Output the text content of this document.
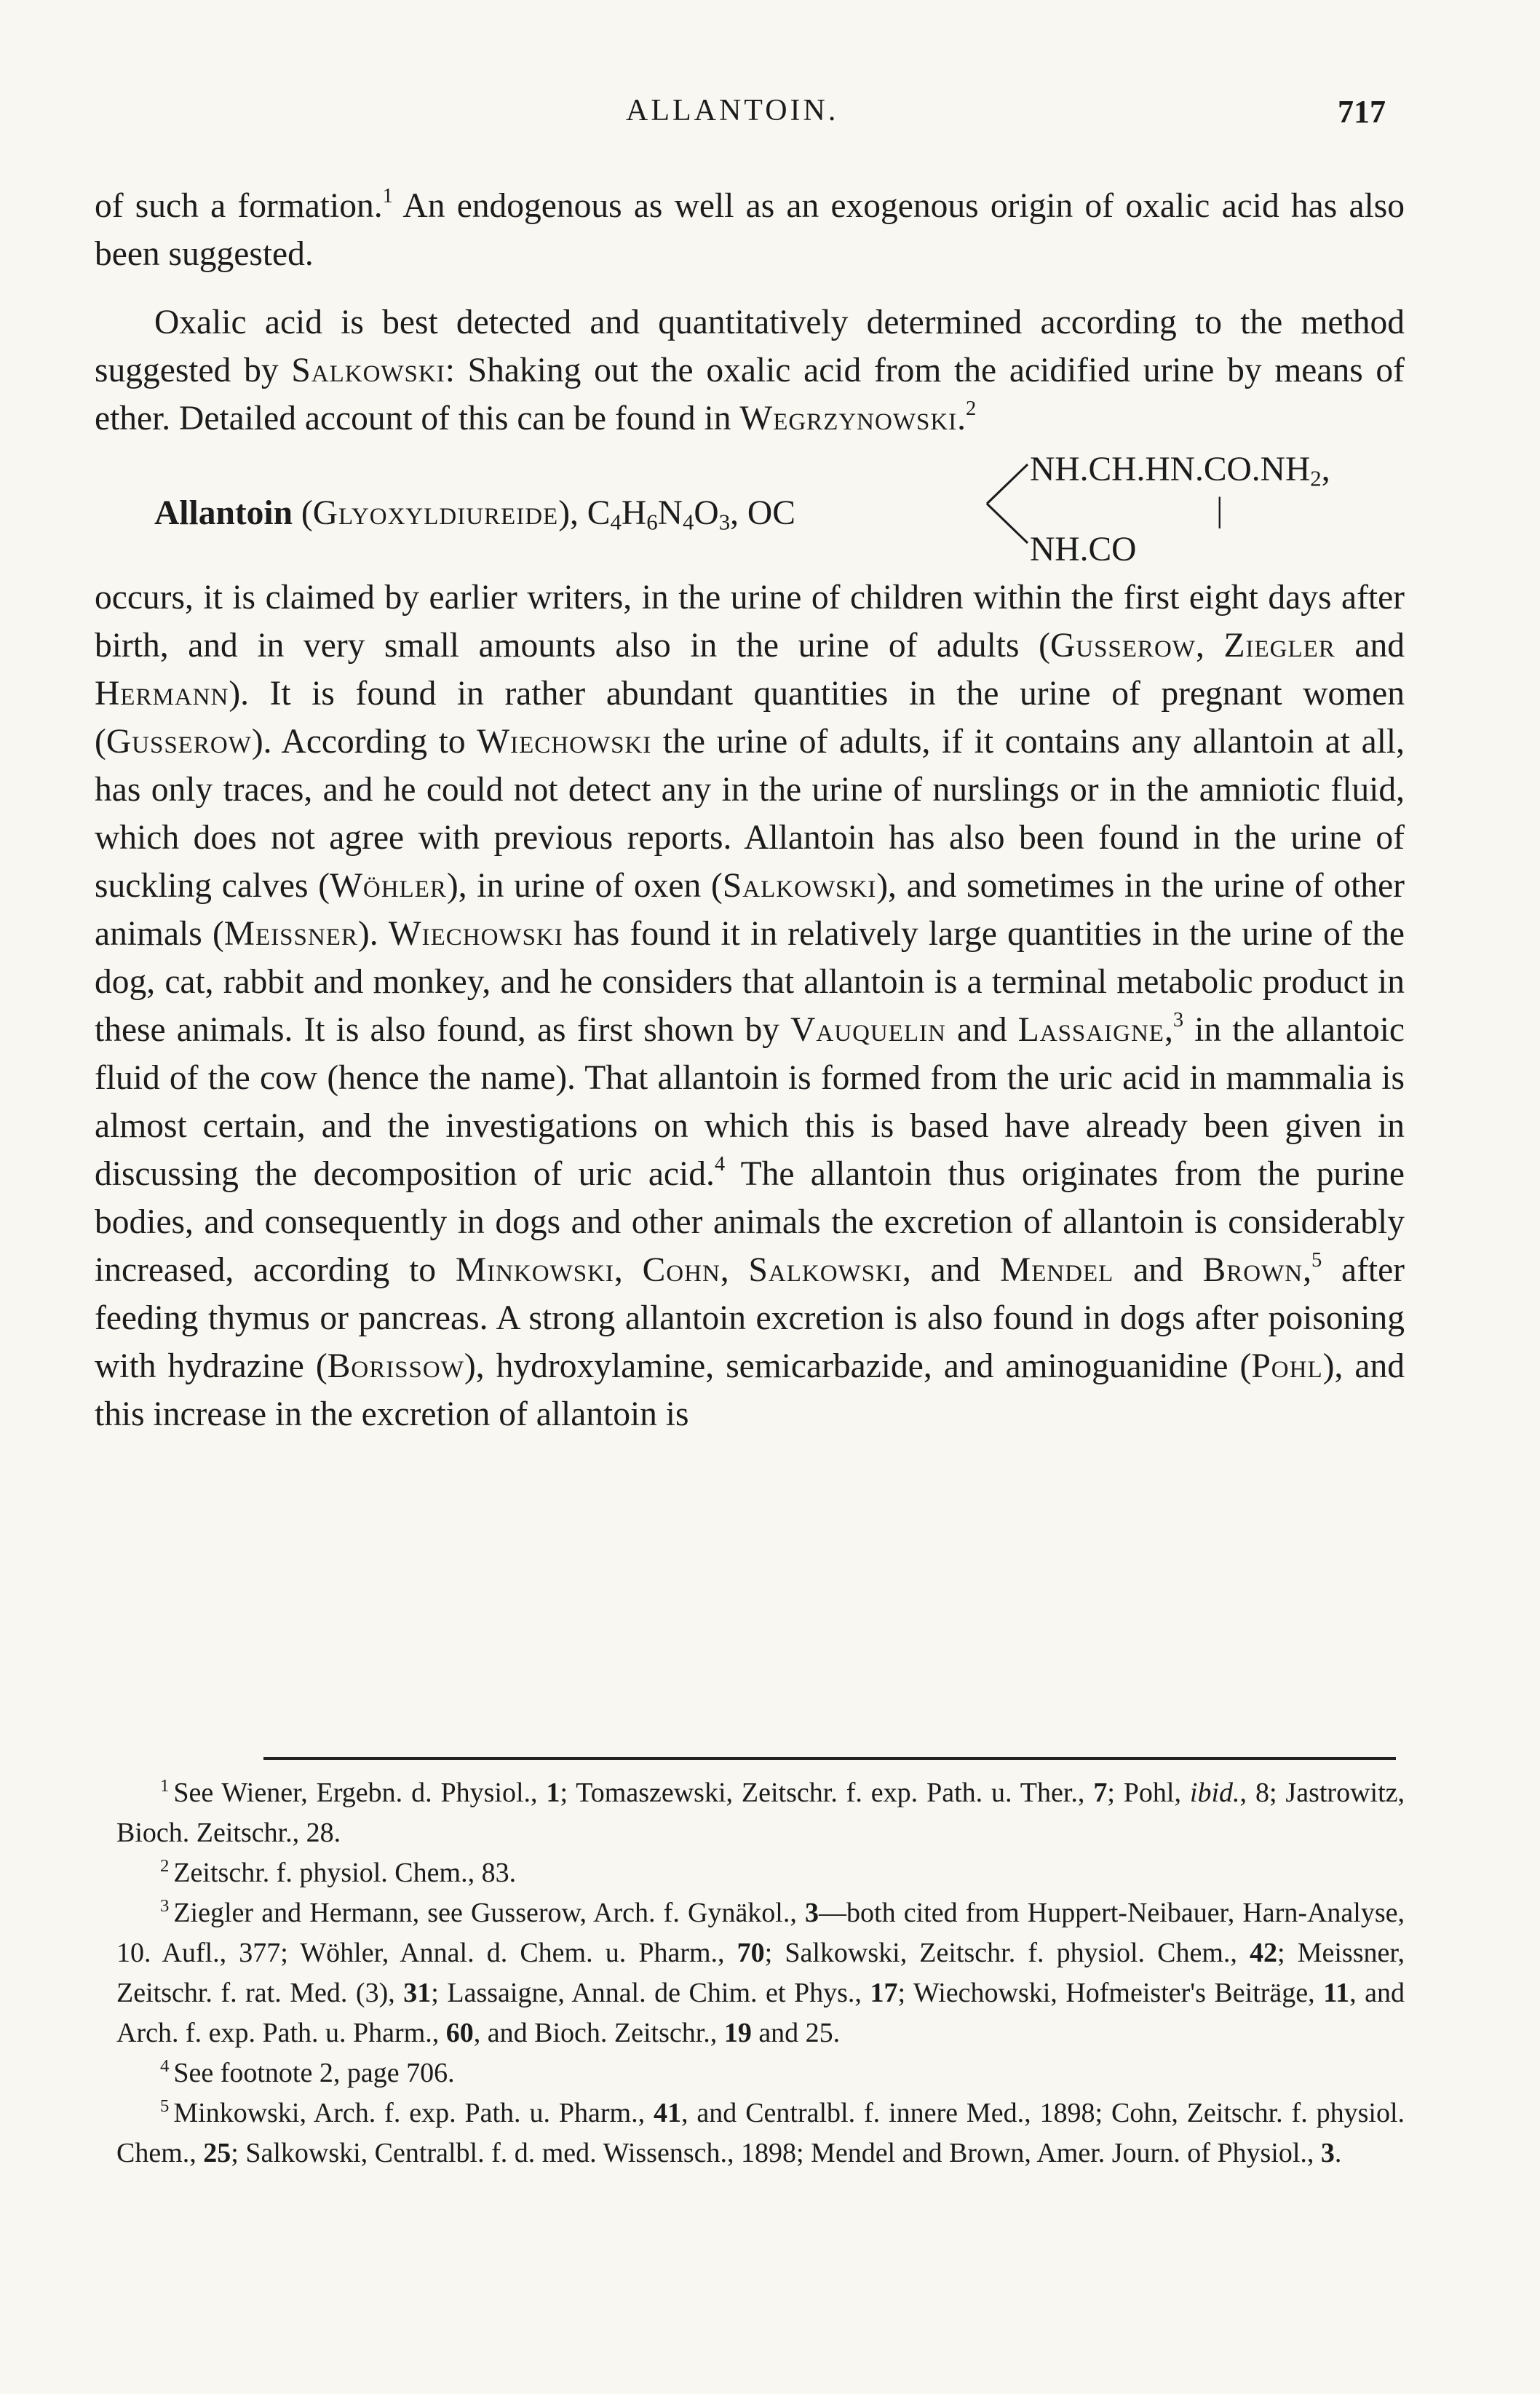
ALLANTOIN.	717

of such a formation.$^1$ An endogenous as well as an exogenous origin of oxalic acid has also been suggested.

Oxalic acid is best detected and quantitatively determined according to the method suggested by Salkowski: Shaking out the oxalic acid from the acidified urine by means of ether. Detailed account of this can be found in Wegrzynowski.$^2$

Allantoin (Glyoxyldiureide), $C_4H_6N_4O_3$, OC
$NH.CH.HN.CO.NH_2$,
|
NH.CO

occurs, it is claimed by earlier writers, in the urine of children within the first eight days after birth, and in very small amounts also in the urine of adults (Gusserow, Ziegler and Hermann). It is found in rather abundant quantities in the urine of pregnant women (Gusserow). According to Wiechowski the urine of adults, if it contains any allantoin at all, has only traces, and he could not detect any in the urine of nurslings or in the amniotic fluid, which does not agree with previous reports. Allantoin has also been found in the urine of suckling calves (Wöhler), in urine of oxen (Salkowski), and sometimes in the urine of other animals (Meissner). Wiechowski has found it in relatively large quantities in the urine of the dog, cat, rabbit and monkey, and he considers that allantoin is a terminal metabolic product in these animals. It is also found, as first shown by Vauquelin and Lassaigne,$^3$ in the allantoic fluid of the cow (hence the name). That allantoin is formed from the uric acid in mammalia is almost certain, and the investigations on which this is based have already been given in discussing the decomposition of uric acid.$^4$ The allantoin thus originates from the purine bodies, and consequently in dogs and other animals the excretion of allantoin is considerably increased, according to Minkowski, Cohn, Salkowski, and Mendel and Brown,$^5$ after feeding thymus or pancreas. A strong allantoin excretion is also found in dogs after poisoning with hydrazine (Borissow), hydroxylamine, semicarbazide, and aminoguanidine (Pohl), and this increase in the excretion of allantoin is

$^1$ See Wiener, Ergebn. d. Physiol., 1; Tomaszewski, Zeitschr. f. exp. Path. u. Ther., 7; Pohl, ibid., 8; Jastrowitz, Bioch. Zeitschr., 28.

$^2$ Zeitschr. f. physiol. Chem., 83.

$^3$ Ziegler and Hermann, see Gusserow, Arch. f. Gynäkol., 3—both cited from Huppert-Neibauer, Harn-Analyse, 10. Aufl., 377; Wöhler, Annal. d. Chem. u. Pharm., 70; Salkowski, Zeitschr. f. physiol. Chem., 42; Meissner, Zeitschr. f. rat. Med. (3), 31; Lassaigne, Annal. de Chim. et Phys., 17; Wiechowski, Hofmeister's Beiträge, 11, and Arch. f. exp. Path. u. Pharm., 60, and Bioch. Zeitschr., 19 and 25.

$^4$ See footnote 2, page 706.

$^5$ Minkowski, Arch. f. exp. Path. u. Pharm., 41, and Centralbl. f. innere Med., 1898; Cohn, Zeitschr. f. physiol. Chem., 25; Salkowski, Centralbl. f. d. med. Wissensch., 1898; Mendel and Brown, Amer. Journ. of Physiol., 3.
